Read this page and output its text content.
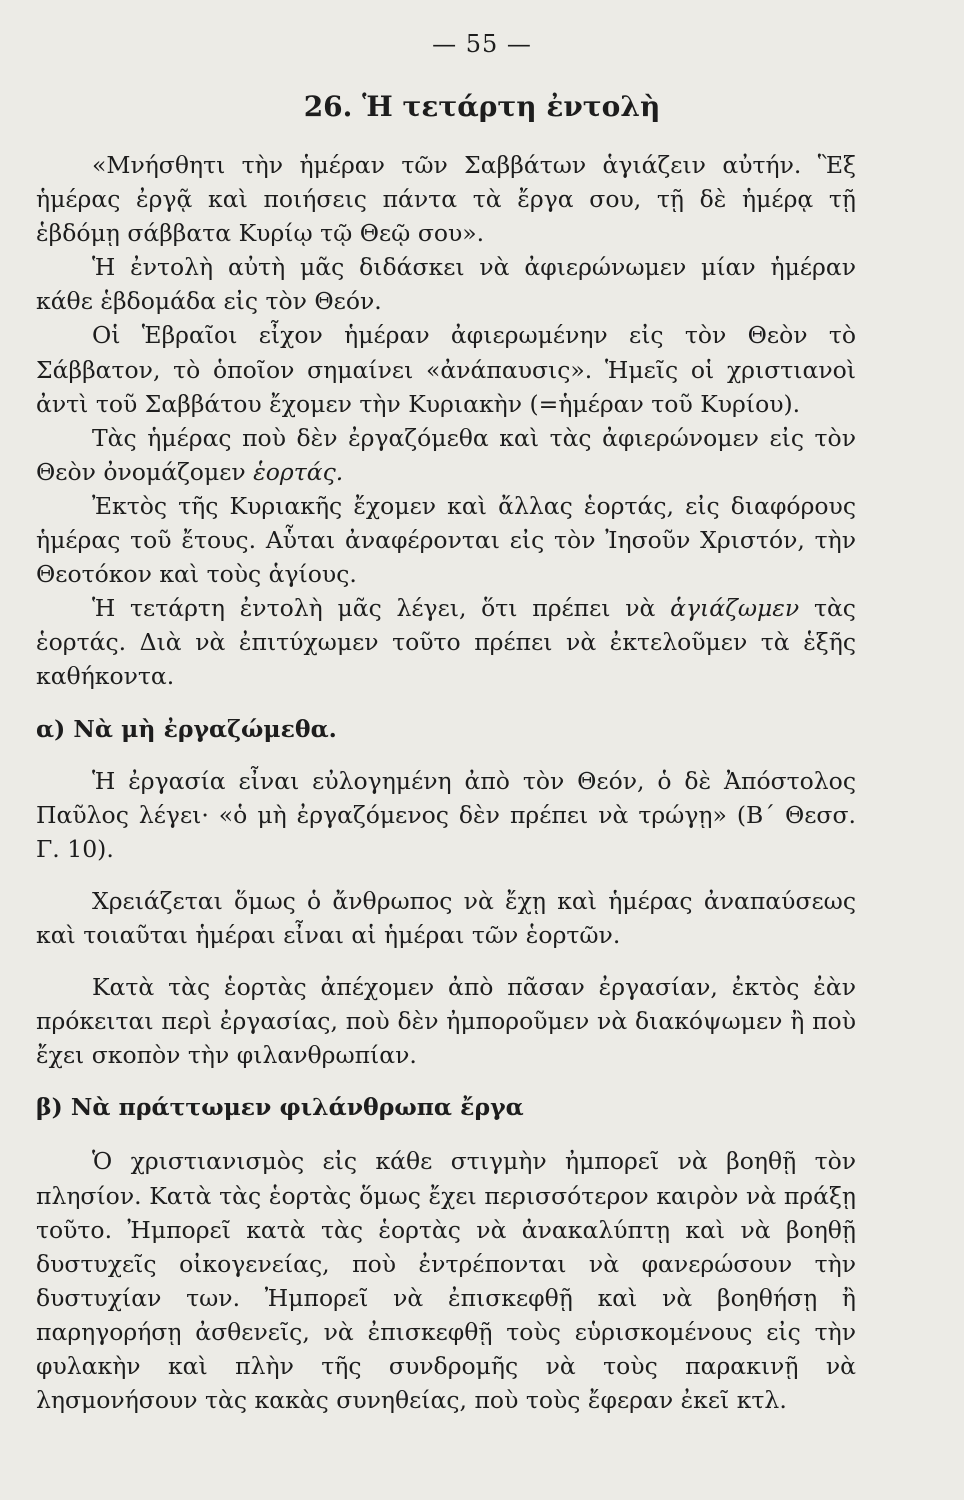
— 55 —
26. Ἡ τετάρτη ἐντολὴ

«Μνήσθητι τὴν ἡμέραν τῶν Σαββάτων ἁγιάζειν αὐτήν. Ἓξ ἡμέρας ἐργᾷ καὶ ποιήσεις πάντα τὰ ἔργα σου, τῇ δὲ ἡμέρᾳ τῇ ἑβδόμῃ σάββατα Κυρίῳ τῷ Θεῷ σου».

Ἡ ἐντολὴ αὐτὴ μᾶς διδάσκει νὰ ἀφιερώνωμεν μίαν ἡμέραν κάθε ἑβδομάδα εἰς τὸν Θεόν.

Οἱ Ἑβραῖοι εἶχον ἡμέραν ἀφιερωμένην εἰς τὸν Θεὸν τὸ Σάββατον, τὸ ὁποῖον σημαίνει «ἀνάπαυσις». Ἡμεῖς οἱ χριστιανοὶ ἀντὶ τοῦ Σαββάτου ἔχομεν τὴν Κυριακὴν (=ἡμέραν τοῦ Κυρίου).

Τὰς ἡμέρας ποὺ δὲν ἐργαζόμεθα καὶ τὰς ἀφιερώνομεν εἰς τὸν Θεὸν ὀνομάζομεν ἑορτάς.

Ἐκτὸς τῆς Κυριακῆς ἔχομεν καὶ ἄλλας ἑορτάς, εἰς διαφόρους ἡμέρας τοῦ ἔτους. Αὗται ἀναφέρονται εἰς τὸν Ἰησοῦν Χριστόν, τὴν Θεοτόκον καὶ τοὺς ἁγίους.

Ἡ τετάρτη ἐντολὴ μᾶς λέγει, ὅτι πρέπει νὰ ἁγιάζωμεν τὰς ἑορτάς. Διὰ νὰ ἐπιτύχωμεν τοῦτο πρέπει νὰ ἐκτελοῦμεν τὰ ἑξῆς καθήκοντα.

α) Νὰ μὴ ἐργαζώμεθα.

Ἡ ἐργασία εἶναι εὐλογημένη ἀπὸ τὸν Θεόν, ὁ δὲ Ἀπόστολος Παῦλος λέγει· «ὁ μὴ ἐργαζόμενος δὲν πρέπει νὰ τρώγῃ» (Β΄ Θεσσ. Γ. 10).

Χρειάζεται ὅμως ὁ ἄνθρωπος νὰ ἔχῃ καὶ ἡμέρας ἀναπαύσεως καὶ τοιαῦται ἡμέραι εἶναι αἱ ἡμέραι τῶν ἑορτῶν.

Κατὰ τὰς ἑορτὰς ἀπέχομεν ἀπὸ πᾶσαν ἐργασίαν, ἐκτὸς ἐὰν πρόκειται περὶ ἐργασίας, ποὺ δὲν ἠμποροῦμεν νὰ διακόψωμεν ἢ ποὺ ἔχει σκοπὸν τὴν φιλανθρωπίαν.

β) Νὰ πράττωμεν φιλάνθρωπα ἔργα

Ὁ χριστιανισμὸς εἰς κάθε στιγμὴν ἠμπορεῖ νὰ βοηθῇ τὸν πλησίον. Κατὰ τὰς ἑορτὰς ὅμως ἔχει περισσότερον καιρὸν νὰ πράξῃ τοῦτο. Ἠμπορεῖ κατὰ τὰς ἑορτὰς νὰ ἀνακαλύπτῃ καὶ νὰ βοηθῇ δυστυχεῖς οἰκογενείας, ποὺ ἐντρέπονται νὰ φανερώσουν τὴν δυστυχίαν των. Ἠμπορεῖ νὰ ἐπισκεφθῇ καὶ νὰ βοηθήσῃ ἢ παρηγορήσῃ ἀσθενεῖς, νὰ ἐπισκεφθῇ τοὺς εὑρισκομένους εἰς τὴν φυλακὴν καὶ πλὴν τῆς συνδρομῆς νὰ τοὺς παρακινῇ νὰ λησμονήσουν τὰς κακὰς συνηθείας, ποὺ τοὺς ἔφεραν ἐκεῖ κτλ.
